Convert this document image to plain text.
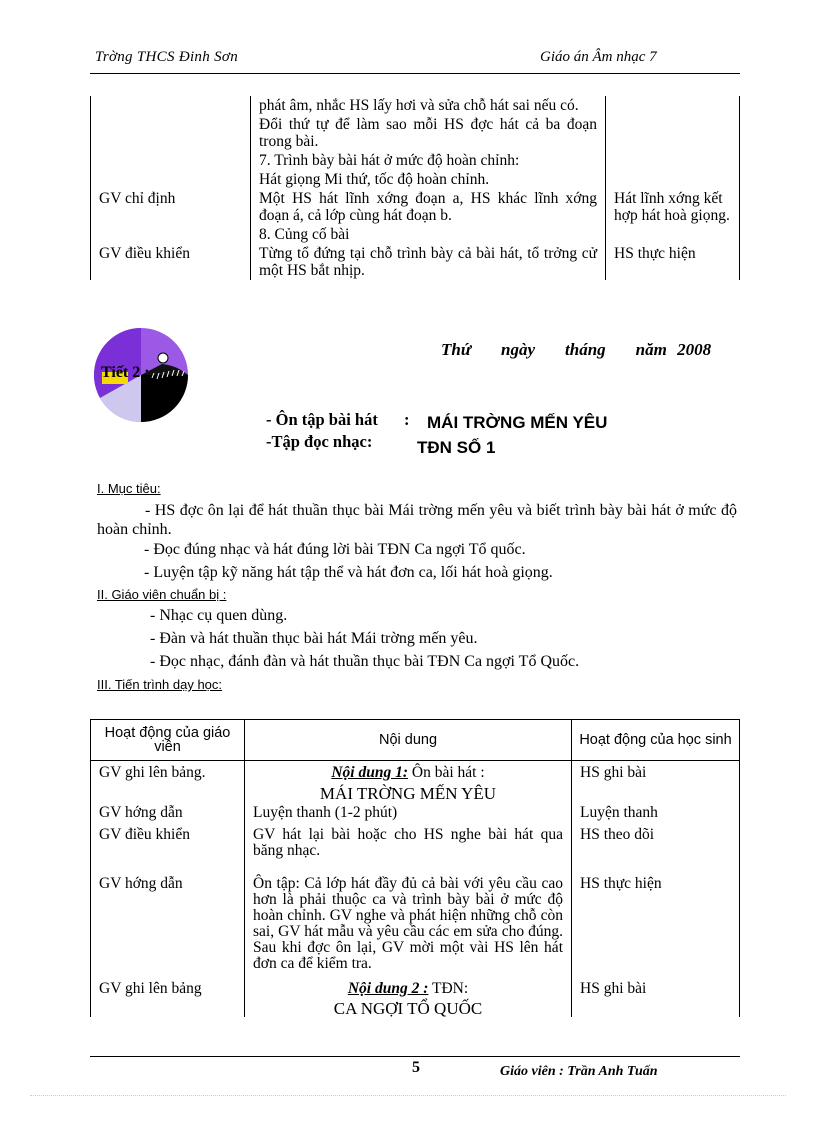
Trờng THCS Đinh Sơn	Giáo án Âm nhạc 7
	phát âm, nhắc HS lấy hơi và sửa chỗ hát sai nếu có.	
	Đổi thứ tự để làm sao mỗi HS đợc hát cả ba đoạn trong bài.	
	7. Trình bày bài hát ở mức độ hoàn chỉnh:	
	Hát giọng Mi thứ, tốc độ hoàn chỉnh.	
GV chỉ định	Một HS hát lĩnh xớng đoạn a, HS khác lĩnh xớng đoạn á, cả lớp cùng hát đoạn b.	Hát lĩnh xớng kết hợp hát hoà giọng.
	8. Củng cố bài	
GV điều khiển	Từng tổ đứng tại chỗ trình bày cả bài hát, tổ trởng cử một HS bắt nhịp.	HS thực hiện
Tiết 2 :
Thứ ngày tháng năm 2008
- Ôn tập bài hát : MÁI TRỜNG MẾN YÊU
-Tập đọc nhạc:	TĐN SỐ 1
I. Mục tiêu:
- HS đợc ôn lại để hát thuần thục bài Mái trờng mến yêu và biết trình bày bài hát ở mức độ hoàn chỉnh.
- Đọc đúng nhạc và hát đúng lời bài TĐN Ca ngợi Tổ quốc.
- Luyện tập kỹ năng hát tập thể và hát đơn ca, lối hát hoà giọng.
II. Giáo viên chuẩn bị :
- Nhạc cụ quen dùng.
- Đàn và hát thuần thục bài hát Mái trờng mến yêu.
- Đọc nhạc, đánh đàn và hát thuần thục bài TĐN Ca ngợi Tổ Quốc.
III. Tiến trình dạy học:
Hoạt động của giáo viên	Nội dung	Hoạt động của học sinh
GV ghi lên bảng.	Nội dung 1: Ôn bài hát :	HS ghi bài
	MÁI TRỜNG MẾN YÊU	
GV hớng dẫn	Luyện thanh (1-2 phút)	Luyện thanh
GV điều khiển	GV hát lại bài hoặc cho HS nghe bài hát qua băng nhạc.	HS theo dõi
GV hớng dẫn	Ôn tập: Cả lớp hát đầy đủ cả bài với yêu cầu cao hơn là phải thuộc ca và trình bày bài ở mức độ hoàn chỉnh. GV nghe và phát hiện những chỗ còn sai, GV hát mẫu và yêu cầu các em sửa cho đúng. Sau khi đợc ôn lại, GV mời một vài HS lên hát đơn ca để kiểm tra.	HS thực hiện
GV ghi lên bảng	Nội dung 2 : TĐN:	HS ghi bài
	CA NGỢI TỔ QUỐC	
5	Giáo viên : Trần Anh Tuấn
